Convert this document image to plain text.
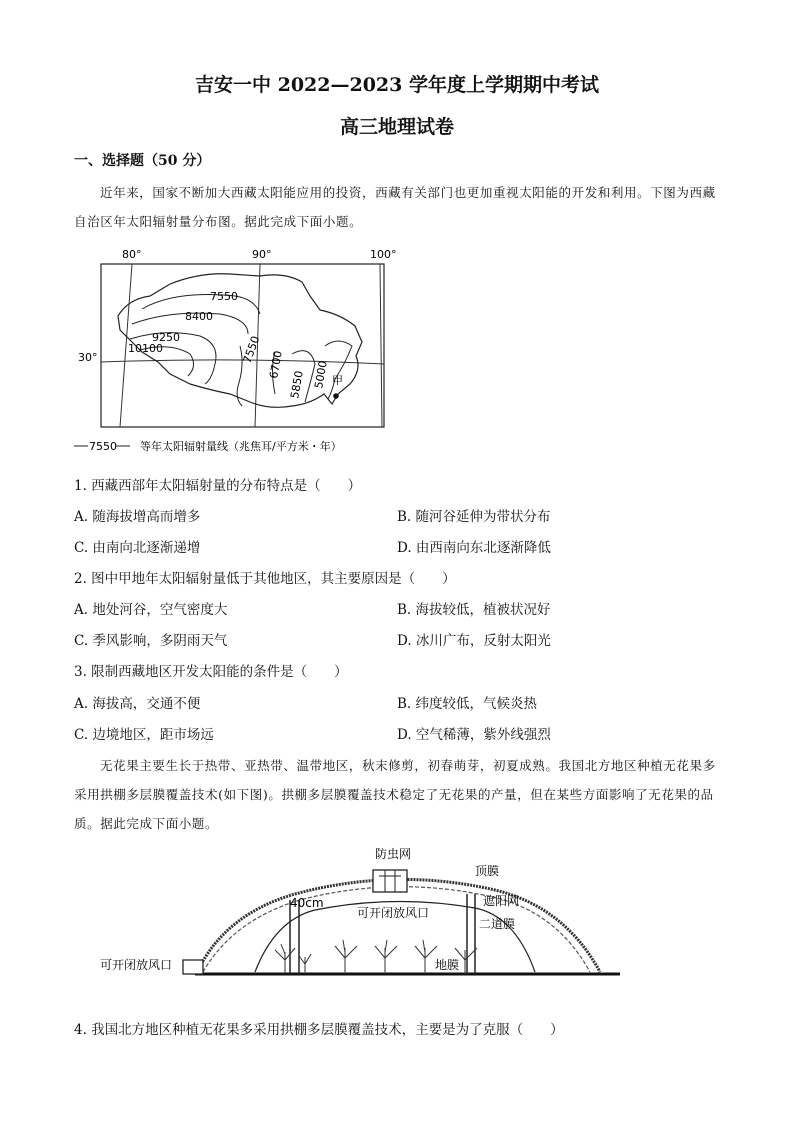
吉安一中 2022—2023 学年度上学期期中考试
高三地理试卷
一、选择题（50 分）
近年来，国家不断加大西藏太阳能应用的投资，西藏有关部门也更加重视太阳能的开发和利用。下图为西藏自治区年太阳辐射量分布图。据此完成下面小题。
7550
8400
9250
10100	7550 6700
5850 5000 甲
80°	90°	100°
30°
7550 等年太阳辐射量线（兆焦耳/平方米・年）
1. 西藏西部年太阳辐射量的分布特点是（　　）
A. 随海拔增高而增多	B. 随河谷延伸为带状分布
C. 由南向北逐渐递增	D. 由西南向东北逐渐降低
2. 图中甲地年太阳辐射量低于其他地区，其主要原因是（　　）
A. 地处河谷，空气密度大	B. 海拔较低，植被状况好
C. 季风影响，多阴雨天气	D. 冰川广布，反射太阳光
3. 限制西藏地区开发太阳能的条件是（　　）
A. 海拔高，交通不便	B. 纬度较低，气候炎热
C. 边境地区，距市场远	D. 空气稀薄，紫外线强烈
无花果主要生长于热带、亚热带、温带地区，秋末修剪，初春萌芽，初夏成熟。我国北方地区种植无花果多采用拱棚多层膜覆盖技术(如下图)。拱棚多层膜覆盖技术稳定了无花果的产量，但在某些方面影响了无花果的品质。据此完成下面小题。
防虫网
顶膜
遮阳网
二道膜
40cm
可开闭放风口
地膜
可开闭放风口
4. 我国北方地区种植无花果多采用拱棚多层膜覆盖技术，主要是为了克服（　　）
